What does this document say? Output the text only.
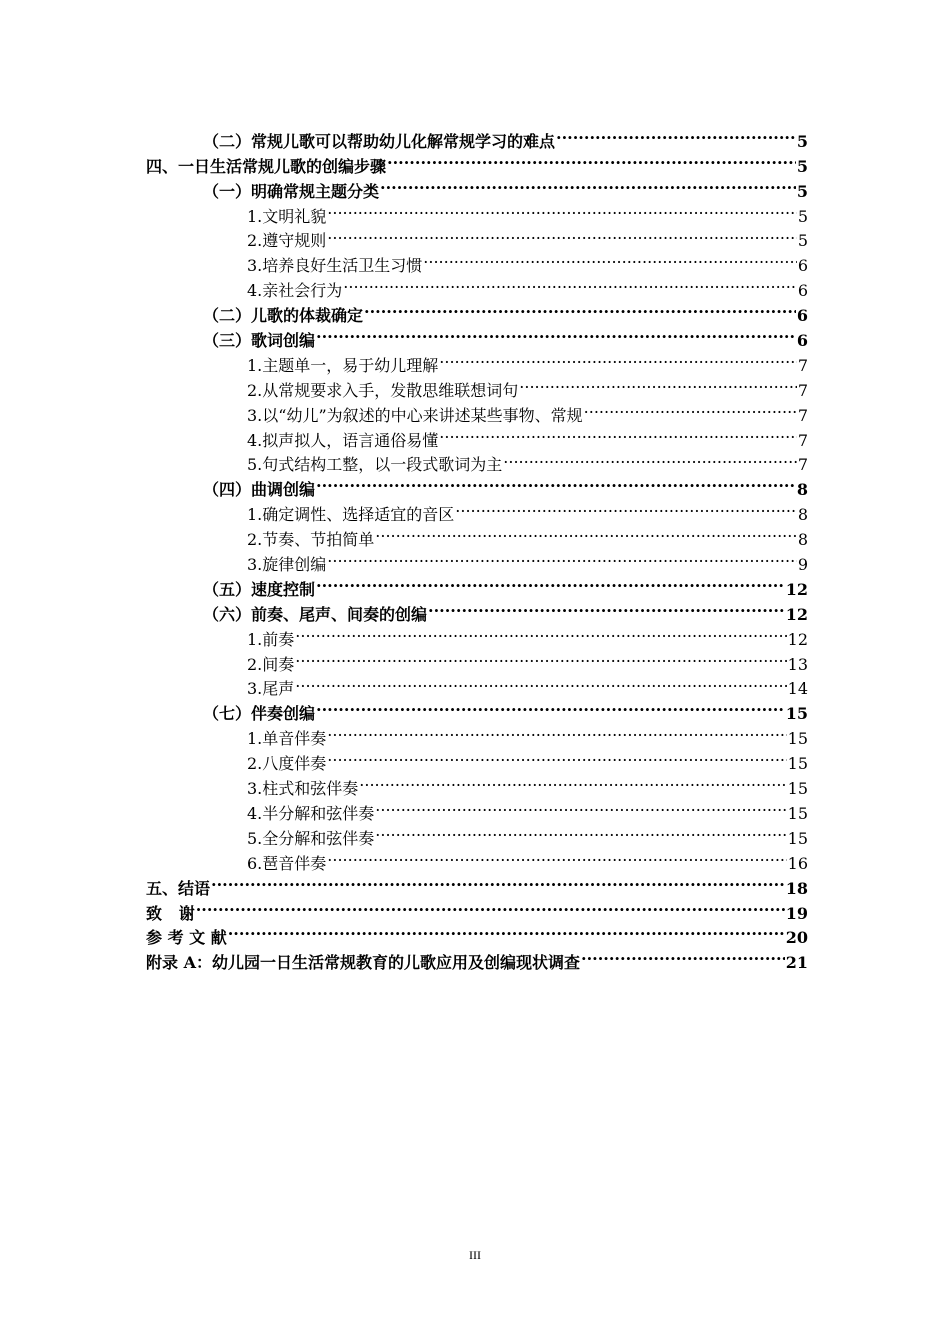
（二）常规儿歌可以帮助幼儿化解常规学习的难点 .....	5
四、一日生活常规儿歌的创编步骤 .....	5
（一）明确常规主题分类 .....	5
1.文明礼貌 .....	5
2.遵守规则 .....	5
3.培养良好生活卫生习惯 .....	6
4.亲社会行为 .....	6
（二）儿歌的体裁确定 .....	6
（三）歌词创编 .....	6
1.主题单一，易于幼儿理解 .....	7
2.从常规要求入手，发散思维联想词句 .....	7
3.以“幼儿”为叙述的中心来讲述某些事物、常规 .....	7
4.拟声拟人，语言通俗易懂 .....	7
5.句式结构工整，以一段式歌词为主 .....	7
（四）曲调创编 .....	8
1.确定调性、选择适宜的音区 .....	8
2.节奏、节拍简单 .....	8
3.旋律创编 .....	9
（五）速度控制 .....	12
（六）前奏、尾声、间奏的创编 .....	12
1.前奏 .....	12
2.间奏 .....	13
3.尾声 .....	14
（七）伴奏创编 .....	15
1.单音伴奏 .....	15
2.八度伴奏 .....	15
3.柱式和弦伴奏 .....	15
4.半分解和弦伴奏 .....	15
5.全分解和弦伴奏 .....	15
6.琶音伴奏 .....	16
五、结语 .....	18
致   谢 .....	19
参 考 文 献 .....	20
附录 A：幼儿园一日生活常规教育的儿歌应用及创编现状调查 .....	21
III
